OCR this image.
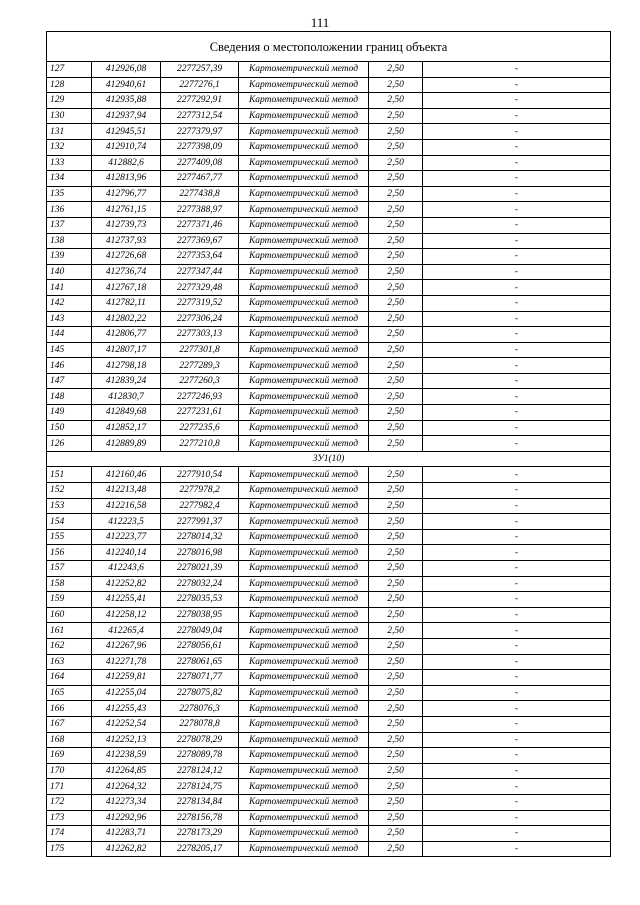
111
Сведения о местоположении границ объекта					
127	412926,08	2277257,39	Картометрический метод	2,50	-
128	412940,61	2277276,1	Картометрический метод	2,50	-
129	412935,88	2277292,91	Картометрический метод	2,50	-
130	412937,94	2277312,54	Картометрический метод	2,50	-
131	412945,51	2277379,97	Картометрический метод	2,50	-
132	412910,74	2277398,09	Картометрический метод	2,50	-
133	412882,6	2277409,08	Картометрический метод	2,50	-
134	412813,96	2277467,77	Картометрический метод	2,50	-
135	412796,77	2277438,8	Картометрический метод	2,50	-
136	412761,15	2277388,97	Картометрический метод	2,50	-
137	412739,73	2277371,46	Картометрический метод	2,50	-
138	412737,93	2277369,67	Картометрический метод	2,50	-
139	412726,68	2277353,64	Картометрический метод	2,50	-
140	412736,74	2277347,44	Картометрический метод	2,50	-
141	412767,18	2277329,48	Картометрический метод	2,50	-
142	412782,11	2277319,52	Картометрический метод	2,50	-
143	412802,22	2277306,24	Картометрический метод	2,50	-
144	412806,77	2277303,13	Картометрический метод	2,50	-
145	412807,17	2277301,8	Картометрический метод	2,50	-
146	412798,18	2277289,3	Картометрический метод	2,50	-
147	412839,24	2277260,3	Картометрический метод	2,50	-
148	412830,7	2277246,93	Картометрический метод	2,50	-
149	412849,68	2277231,61	Картометрический метод	2,50	-
150	412852,17	2277235,6	Картометрический метод	2,50	-
126	412889,89	2277210,8	Картометрический метод	2,50	-
ЗУ1(10)					
151	412160,46	2277910,54	Картометрический метод	2,50	-
152	412213,48	2277978,2	Картометрический метод	2,50	-
153	412216,58	2277982,4	Картометрический метод	2,50	-
154	412223,5	2277991,37	Картометрический метод	2,50	-
155	412223,77	2278014,32	Картометрический метод	2,50	-
156	412240,14	2278016,98	Картометрический метод	2,50	-
157	412243,6	2278021,39	Картометрический метод	2,50	-
158	412252,82	2278032,24	Картометрический метод	2,50	-
159	412255,41	2278035,53	Картометрический метод	2,50	-
160	412258,12	2278038,95	Картометрический метод	2,50	-
161	412265,4	2278049,04	Картометрический метод	2,50	-
162	412267,96	2278056,61	Картометрический метод	2,50	-
163	412271,78	2278061,65	Картометрический метод	2,50	-
164	412259,81	2278071,77	Картометрический метод	2,50	-
165	412255,04	2278075,82	Картометрический метод	2,50	-
166	412255,43	2278076,3	Картометрический метод	2,50	-
167	412252,54	2278078,8	Картометрический метод	2,50	-
168	412252,13	2278078,29	Картометрический метод	2,50	-
169	412238,59	2278089,78	Картометрический метод	2,50	-
170	412264,85	2278124,12	Картометрический метод	2,50	-
171	412264,32	2278124,75	Картометрический метод	2,50	-
172	412273,34	2278134,84	Картометрический метод	2,50	-
173	412292,96	2278156,78	Картометрический метод	2,50	-
174	412283,71	2278173,29	Картометрический метод	2,50	-
175	412262,82	2278205,17	Картометрический метод	2,50	-
